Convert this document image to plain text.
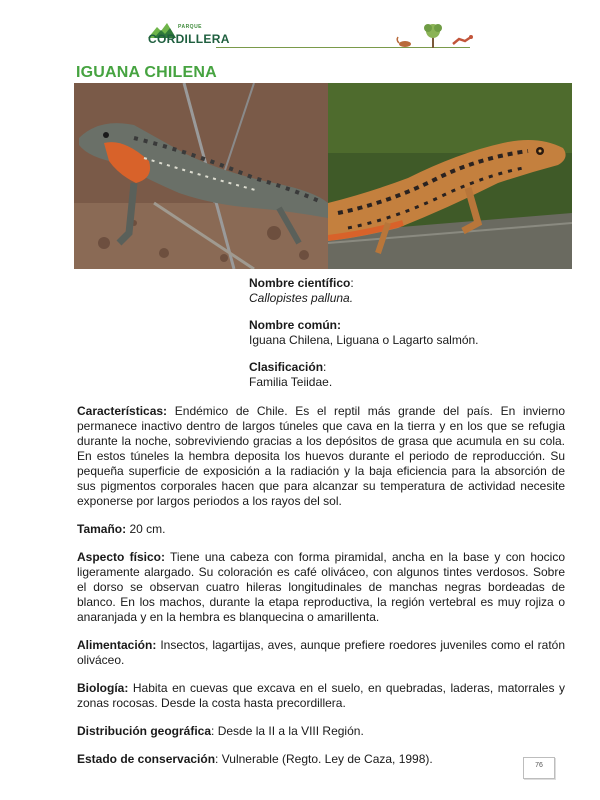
PARQUE
CORDILLERA
IGUANA CHILENA
Nombre científico:
Callopistes palluna.
Nombre común:
Iguana Chilena, Liguana o Lagarto salmón.
Clasificación:
Familia Teiidae.

Características: Endémico de Chile. Es el reptil más grande del país. En invierno permanece inactivo dentro de largos túneles que cava en la tierra y en los que se refugia durante la noche, sobreviviendo gracias a los depósitos de grasa que acumula en su cola. En estos túneles la hembra deposita los huevos durante el periodo de reproducción. Su pequeña superficie de exposición a la radiación y la baja eficiencia para la absorción de sus pigmentos corporales hacen que para alcanzar su temperatura de actividad necesite exponerse por largos periodos a los rayos del sol.

Tamaño: 20 cm.

Aspecto físico: Tiene una cabeza con forma piramidal, ancha en la base y con hocico ligeramente alargado. Su coloración es café oliváceo, con algunos tintes verdosos. Sobre el dorso se observan cuatro hileras longitudinales de manchas negras bordeadas de blanco. En los machos, durante la etapa reproductiva, la región vertebral es muy rojiza o anaranjada y en la hembra es blanquecina o amarillenta.

Alimentación: Insectos, lagartijas, aves, aunque prefiere roedores juveniles como el ratón oliváceo.

Biología: Habita en cuevas que excava en el suelo, en quebradas, laderas, matorrales y zonas rocosas. Desde la costa hasta precordillera.

Distribución geográfica: Desde la II a la VIII Región.

Estado de conservación: Vulnerable (Regto. Ley de Caza, 1998).	76
